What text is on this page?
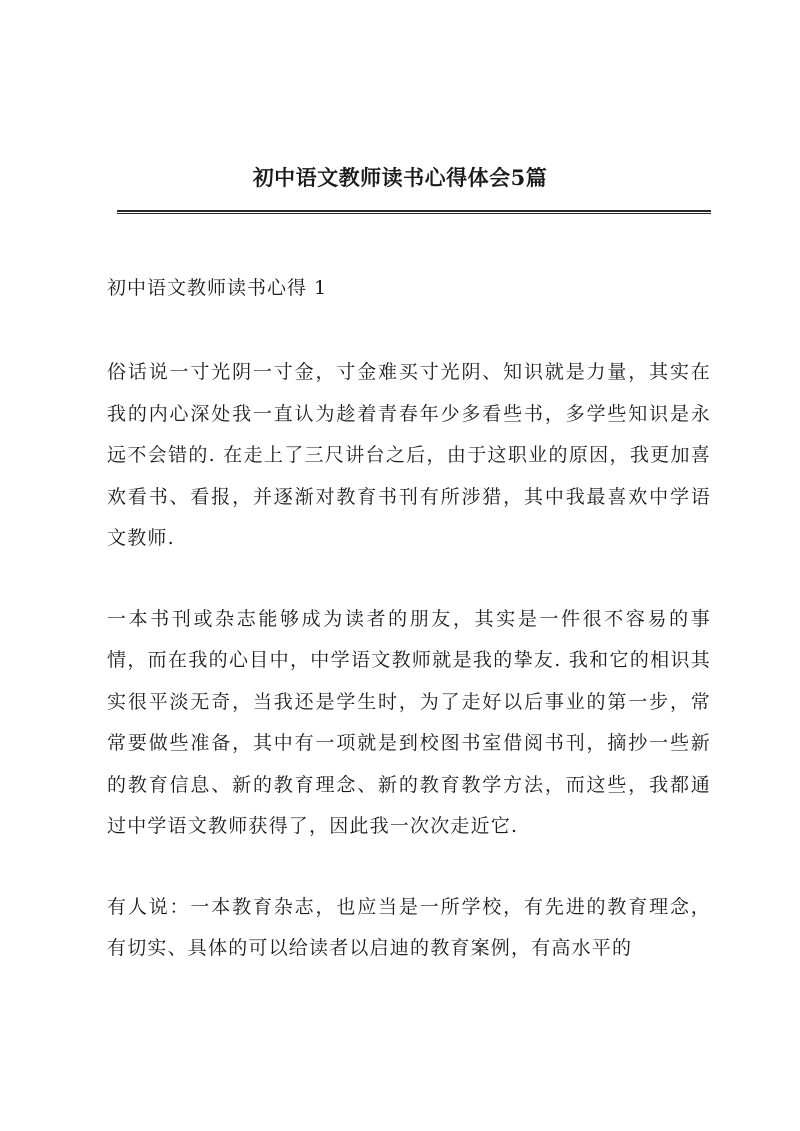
初中语文教师读书心得体会5篇

初中语文教师读书心得 1

俗话说一寸光阴一寸金，寸金难买寸光阴、知识就是力量，其实在我的内心深处我一直认为趁着青春年少多看些书，多学些知识是永远不会错的. 在走上了三尺讲台之后，由于这职业的原因，我更加喜欢看书、看报，并逐渐对教育书刊有所涉猎，其中我最喜欢中学语文教师.

一本书刊或杂志能够成为读者的朋友，其实是一件很不容易的事情，而在我的心目中，中学语文教师就是我的挚友. 我和它的相识其实很平淡无奇，当我还是学生时，为了走好以后事业的第一步，常常要做些准备，其中有一项就是到校图书室借阅书刊，摘抄一些新的教育信息、新的教育理念、新的教育教学方法，而这些，我都通过中学语文教师获得了，因此我一次次走近它.

有人说：一本教育杂志，也应当是一所学校，有先进的教育理念，有切实、具体的可以给读者以启迪的教育案例，有高水平的
